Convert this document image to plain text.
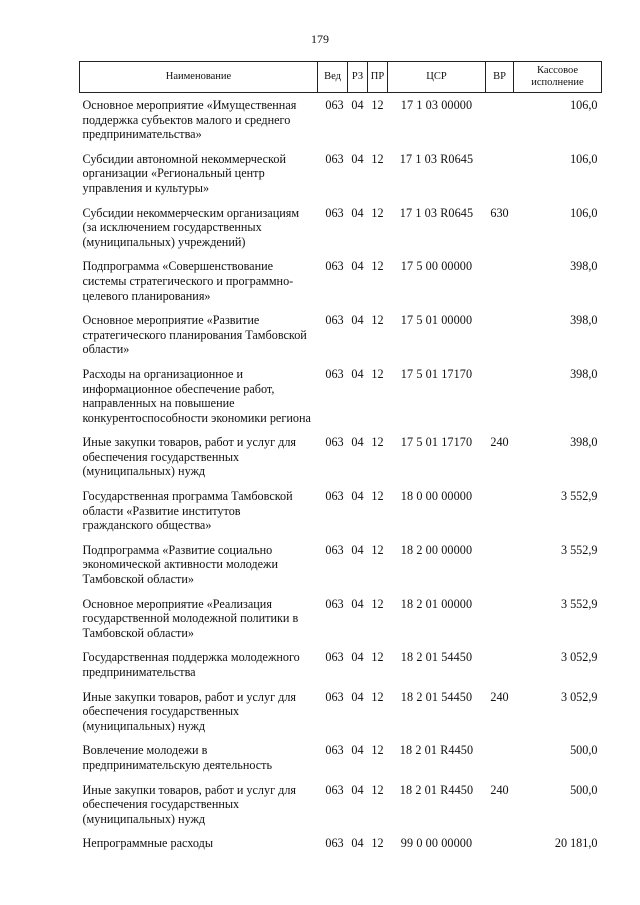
179
Наименование	Вед	РЗ	ПР	ЦСР	ВР	Кассовое исполнение
Основное мероприятие «Имущественная поддержка субъектов малого и среднего предпринимательства»	063	04	12	17 1 03 00000		106,0
Субсидии автономной некоммерческой организации «Региональный центр управления и культуры»	063	04	12	17 1 03 R0645		106,0
Субсидии некоммерческим организациям (за исключением государственных (муниципальных) учреждений)	063	04	12	17 1 03 R0645	630	106,0
Подпрограмма «Совершенствование системы стратегического и программно-целевого планирования»	063	04	12	17 5 00 00000		398,0
Основное мероприятие «Развитие стратегического планирования Тамбовской области»	063	04	12	17 5 01 00000		398,0
Расходы на организационное и информационное обеспечение работ, направленных на повышение конкурентоспособности экономики региона	063	04	12	17 5 01 17170		398,0
Иные закупки товаров, работ и услуг для обеспечения государственных (муниципальных) нужд	063	04	12	17 5 01 17170	240	398,0
Государственная программа Тамбовской области «Развитие институтов гражданского общества»	063	04	12	18 0 00 00000		3 552,9
Подпрограмма «Развитие социально экономической активности молодежи Тамбовской области»	063	04	12	18 2 00 00000		3 552,9
Основное мероприятие «Реализация государственной молодежной политики в Тамбовской области»	063	04	12	18 2 01 00000		3 552,9
Государственная поддержка молодежного предпринимательства	063	04	12	18 2 01 54450		3 052,9
Иные закупки товаров, работ и услуг для обеспечения государственных (муниципальных) нужд	063	04	12	18 2 01 54450	240	3 052,9
Вовлечение молодежи в предпринимательскую деятельность	063	04	12	18 2 01 R4450		500,0
Иные закупки товаров, работ и услуг для обеспечения государственных (муниципальных) нужд	063	04	12	18 2 01 R4450	240	500,0
Непрограммные расходы	063	04	12	99 0 00 00000		20 181,0
